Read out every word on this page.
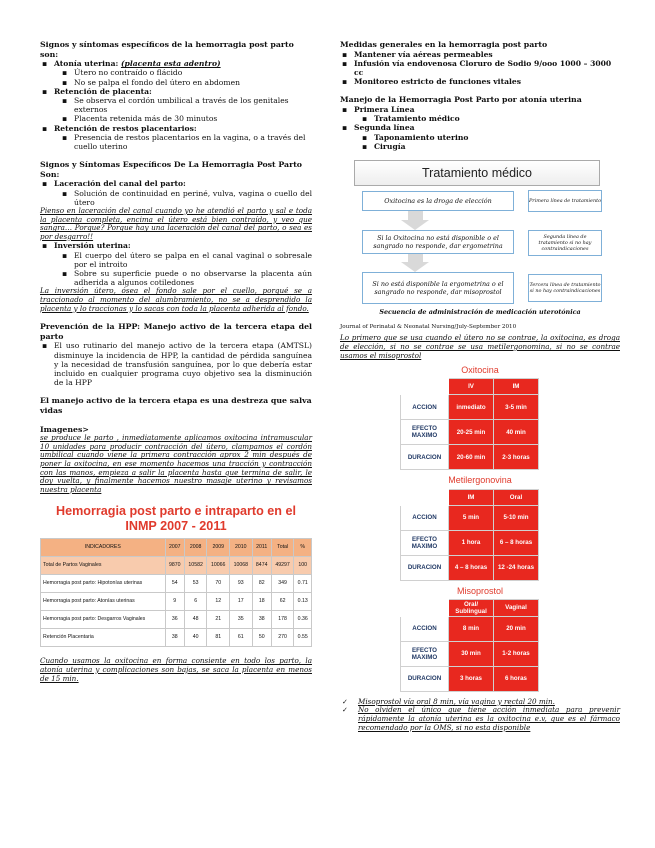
Signos y síntomas específicos de la hemorragia post parto son:
▪ Atonía uterina: (placenta esta adentro)
▪ Útero no contraído o flácido
▪ No se palpa el fondo del útero en abdomen
▪ Retención de placenta:
▪ Se observa el cordón umbilical a través de los genitales externos
▪ Placenta retenida más de 30 minutos
▪ Retención de restos placentarios:
▪ Presencia de restos placentarios en la vagina, o a través del cuello uterino
Signos y Síntomas Específicos De La Hemorragia Post Parto Son:
▪ Laceración del canal del parto:
▪ Solución de continuidad en periné, vulva, vagina o cuello del útero
Pienso en laceración del canal cuando yo he atendió el parto y sal e toda la placenta completa, encima el útero está bien contraído, y veo que sangra… Porque? Porque hay una laceración del canal del parto, o sea es por desgarro!!
▪ Inversión uterina:
▪ El cuerpo del útero se palpa en el canal vaginal o sobresale por el introito
▪ Sobre su superficie puede o no observarse la placenta aún adherida a algunos cotiledones
La inversión útero, ósea el fondo sale por el cuello, porqué se a traccionado al momento del alumbramiento, no se a desprendido la placenta y lo traccionas y lo sacas con toda la placenta adherida al fondo.
Prevención de la HPP: Manejo activo de la tercera etapa del parto
▪ El uso rutinario del manejo activo de la tercera etapa (AMTSL) disminuye la incidencia de HPP, la cantidad de pérdida sanguínea y la necesidad de transfusión sanguínea, por lo que debería estar incluido en cualquier programa cuyo objetivo sea la disminución de la HPP
El manejo activo de la tercera etapa es una destreza que salva vidas
Imagenes>
se produce le parto , inmediatamente aplicamos oxitocina intramuscular 10 unidades para producir contracción del útero, clampamos el cordón umbilical cuando viene la primera contracción aprox 2 min después de poner la oxitocina, en ese momento hacemos una tracción y contracción con las manos, empieza a salir la placenta hasta que termina de salir, le doy vuelta, y finalmente hacemos nuestro masaje uterino y revisamos nuestra placenta
Hemorragia post parto e intraparto en el INMP 2007 - 2011
INDICADORES	2007	2008	2009	2010	2011	Total	%
Total de Partos Vaginales	9870	10582	10066	10068	8474	49297	100
Hemorragia post parto: Hipotonías uterinas	54	53	70	93	82	349	0.71
Hemorragia post parto: Atonías uterinas	9	6	12	17	18	62	0.13
Hemorragia post parto: Desgarros Vaginales	36	48	21	35	38	178	0.36
Retención Placentaria	38	40	81	61	50	270	0.55
Cuando usamos la oxitocina en forma consiente en todo los parto, la atonía uterina y complicaciones son bajas, se saca la placenta en menos de 15 min.
Medidas generales en la hemorragia post parto
▪ Mantener vía aéreas permeables
▪ Infusión vía endovenosa Cloruro de Sodio 9/ooo 1000 – 3000 cc
▪ Monitoreo estricto de funciones vitales
Manejo de la Hemorragia Post Parto por atonía uterina
▪ Primera Línea
▪ Tratamiento médico
▪ Segunda línea
▪ Taponamiento uterino
▪ Cirugía
Tratamiento médico
Oxitocina es la droga de elección	Primera línea de tratamiento
Si la Oxitocina no está disponible o el sangrado no responde, dar ergometrina
Segunda línea de tratamiento si no hay contraindicaciones
Si no está disponible la ergometrina o el sangrado no responde, dar misoprostol
Tercera línea de tratamiento si no hay contraindicaciones
Secuencia de administración de medicación uterotónica
Journal of Perinatal & Neonatal Nursing/July-September 2010
Lo primero que se usa cuando el útero no se contrae, la oxitocina, es droga de elección, si no se contrae se usa metilergonomina, si no se contrae usamos el misoprostol
Oxitocina
	IV	IM
ACCION	inmediato	3-5 min
EFECTO MAXIMO	20-25 min	40 min
DURACION	20-60 min	2-3 horas
Metilergonovina
	IM	Oral
ACCION	5 min	5-10 min
EFECTO MAXIMO	1 hora	6 – 8 horas
DURACION	4 – 8 horas	12 -24 horas
Misoprostol
	Oral/ Sublingual	Vaginal
ACCION	8 min	20 min
EFECTO MAXIMO	30 min	1-2 horas
DURACION	3 horas	6 horas
✓ Misoprostol vía oral 8 min, vía vagina y rectal 20 min.
✓ No olviden el único que tiene acción inmediata para prevenir rápidamente la atonía uterina es la oxitocina e.v, que es el fármaco recomendado por la OMS, si no esta disponible
